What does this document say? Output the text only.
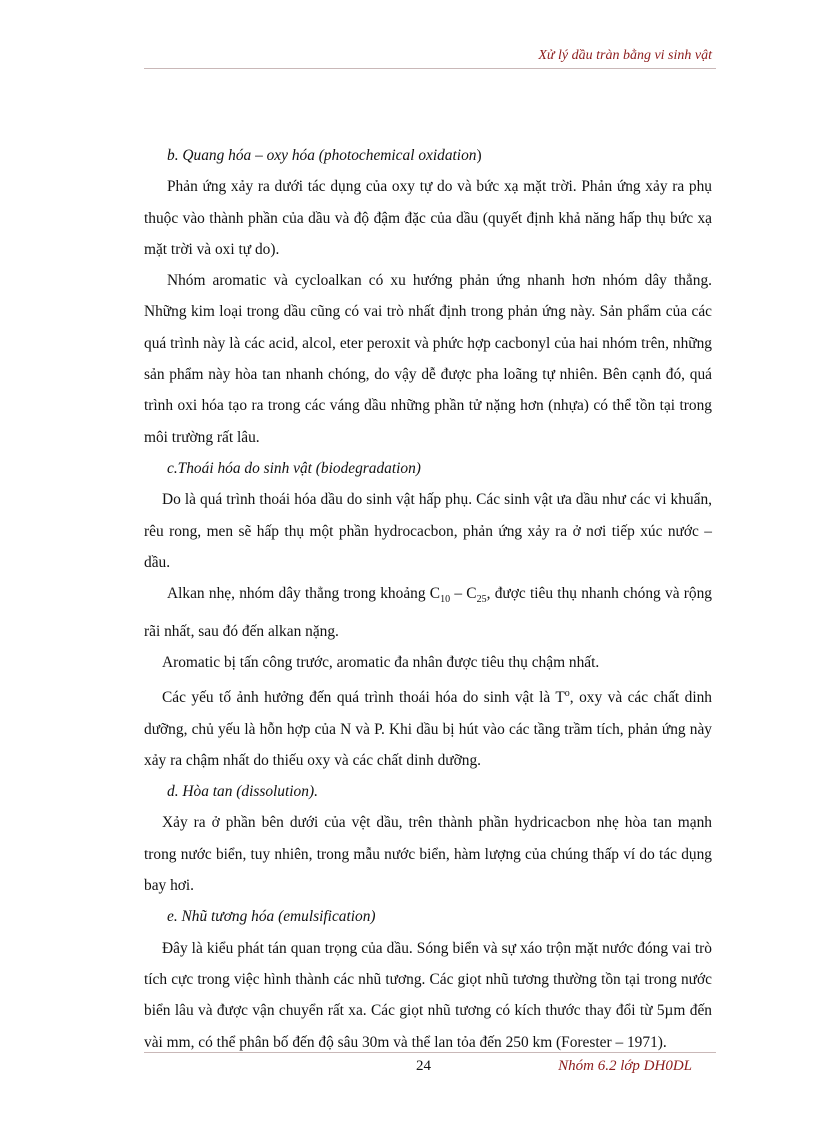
Xử lý dầu tràn bằng vi sinh vật

b. Quang hóa – oxy hóa (photochemical oxidation)

Phản ứng xảy ra dưới tác dụng của oxy tự do và bức xạ mặt trời. Phản ứng xảy ra phụ thuộc vào thành phần của dầu và độ đậm đặc của dầu (quyết định khả năng hấp thụ bức xạ mặt trời và oxi tự do).

Nhóm aromatic và cycloalkan có xu hướng phản ứng nhanh hơn nhóm dây thẳng. Những kim loại trong dầu cũng có vai trò nhất định trong phản ứng này. Sản phẩm của các quá trình này là các acid, alcol, eter peroxit và phức hợp cacbonyl của hai nhóm trên, những sản phẩm này hòa tan nhanh chóng, do vậy dễ được pha loãng tự nhiên. Bên cạnh đó, quá trình oxi hóa tạo ra trong các váng dầu những phần tử nặng hơn (nhựa) có thể tồn tại trong môi trường rất lâu.

c.Thoái hóa do sinh vật (biodegradation)

Do là quá trình thoái hóa dầu do sinh vật hấp phụ. Các sinh vật ưa dầu như các vi khuẩn, rêu rong, men sẽ hấp thụ một phần hydrocacbon, phản ứng xảy ra ở nơi tiếp xúc nước – dầu.

Alkan nhẹ, nhóm dây thẳng trong khoảng $C_{10} - C_{25}$, được tiêu thụ nhanh chóng và rộng rãi nhất, sau đó đến alkan nặng.

Aromatic bị tấn công trước, aromatic đa nhân được tiêu thụ chậm nhất.

Các yếu tố ảnh hưởng đến quá trình thoái hóa do sinh vật là $T^o$, oxy và các chất dinh dưỡng, chủ yếu là hỗn hợp của N và P. Khi dầu bị hút vào các tầng trầm tích, phản ứng này xảy ra chậm nhất do thiếu oxy và các chất dinh dưỡng.

d. Hòa tan (dissolution).

Xảy ra ở phần bên dưới của vệt dầu, trên thành phần hydricacbon nhẹ hòa tan mạnh trong nước biển, tuy nhiên, trong mẫu nước biển, hàm lượng của chúng thấp ví do tác dụng bay hơi.

e. Nhũ tương hóa (emulsification)

Đây là kiểu phát tán quan trọng của dầu. Sóng biển và sự xáo trộn mặt nước đóng vai trò tích cực trong việc hình thành các nhũ tương. Các giọt nhũ tương thường tồn tại trong nước biển lâu và được vận chuyển rất xa. Các giọt nhũ tương có kích thước thay đổi từ 5µm đến vài mm, có thể phân bố đến độ sâu 30m và thể lan tỏa đến 250 km (Forester – 1971).

24	Nhóm 6.2 lớp DH0DL
